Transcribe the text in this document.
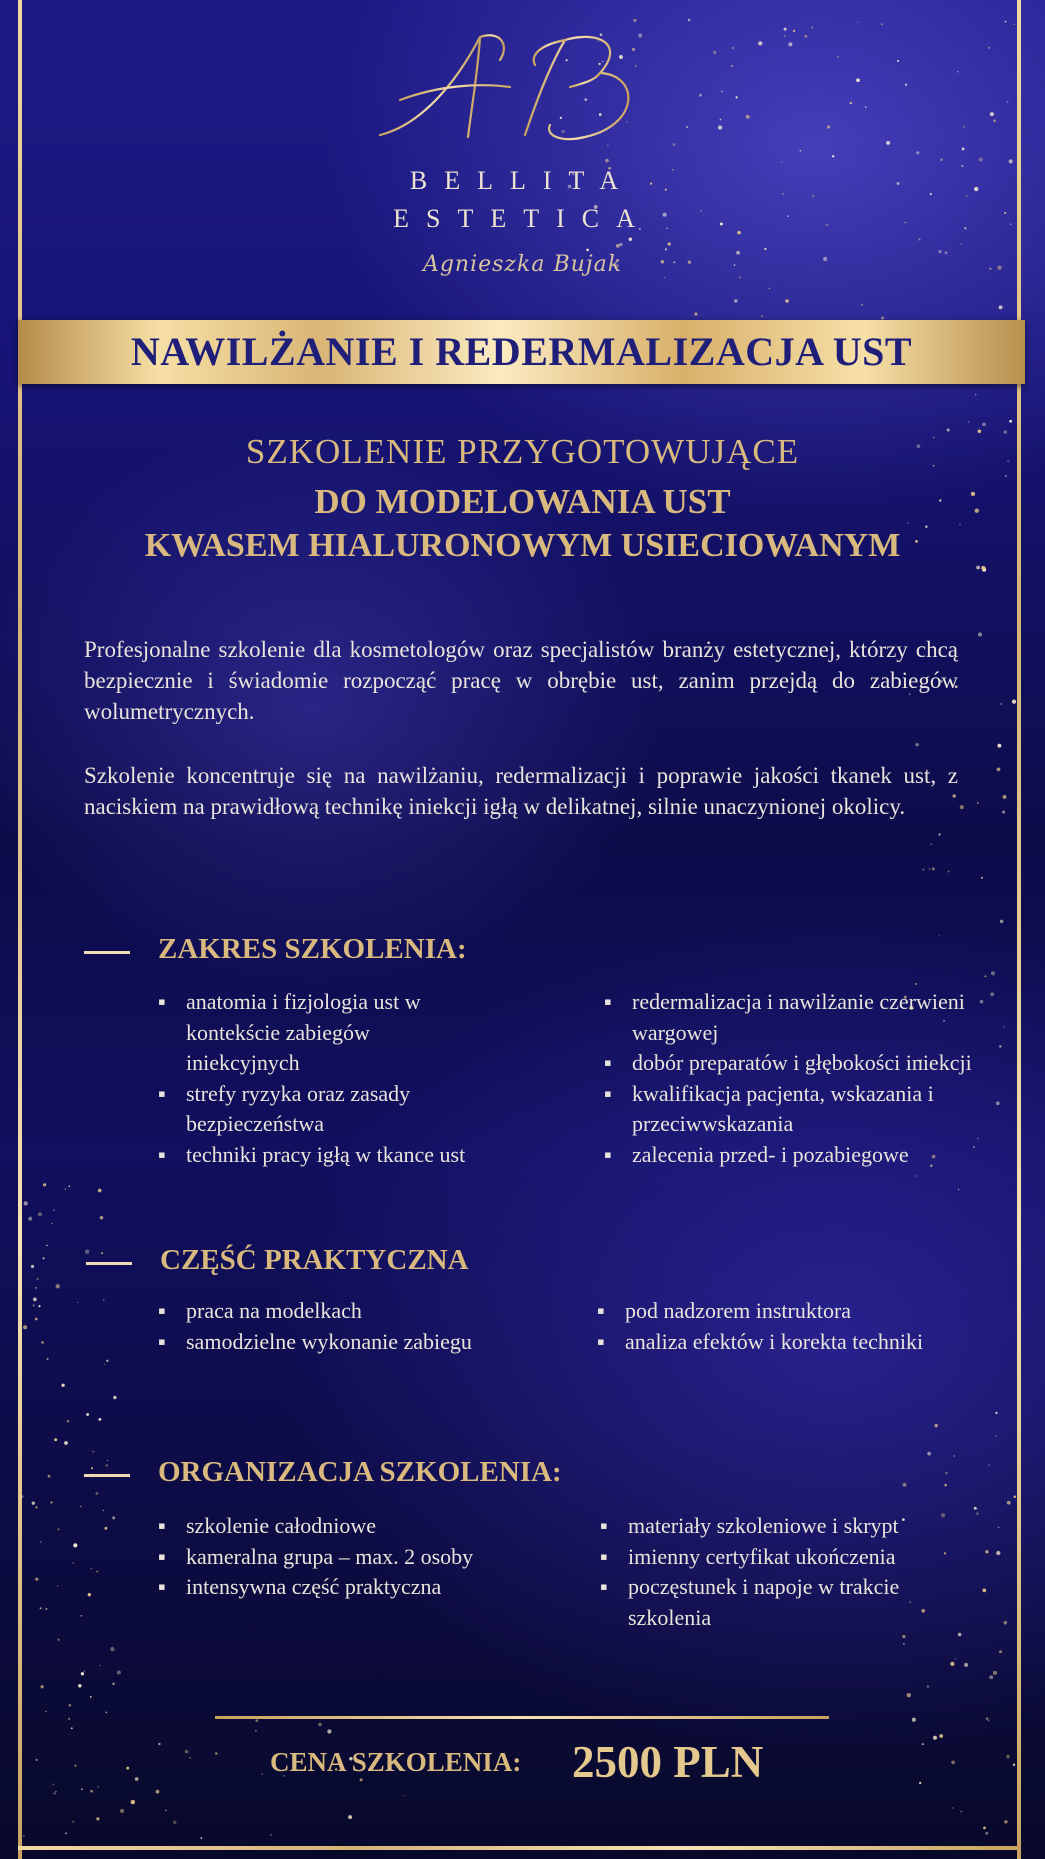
BELLITA
ESTETICA
Agnieszka Bujak
NAWILŻANIE I REDERMALIZACJA UST
SZKOLENIE PRZYGOTOWUJĄCE
DO MODELOWANIA UST
KWASEM HIALURONOWYM USIECIOWANYM
Profesjonalne szkolenie dla kosmetologów oraz specjalistów branży estetycznej, którzy chcą bezpiecznie i świadomie rozpocząć pracę w obrębie ust, zanim przejdą do zabiegów wolumetrycznych.
Szkolenie koncentruje się na nawilżaniu, redermalizacji i poprawie jakości tkanek ust, z naciskiem na prawidłową technikę iniekcji igłą w delikatnej, silnie unaczynionej okolicy.
ZAKRES SZKOLENIA:
▪ anatomia i fizjologia ust w kontekście zabiegów iniekcyjnych
▪ strefy ryzyka oraz zasady bezpieczeństwa
▪ techniki pracy igłą w tkance ust
▪ redermalizacja i nawilżanie czerwieni wargowej
▪ dobór preparatów i głębokości iniekcji
▪ kwalifikacja pacjenta, wskazania i przeciwwskazania
▪ zalecenia przed- i pozabiegowe
CZĘŚĆ PRAKTYCZNA
▪ praca na modelkach
▪ samodzielne wykonanie zabiegu
▪ pod nadzorem instruktora
▪ analiza efektów i korekta techniki
ORGANIZACJA SZKOLENIA:
▪ szkolenie całodniowe
▪ kameralna grupa – max. 2 osoby
▪ intensywna część praktyczna
▪ materiały szkoleniowe i skrypt
▪ imienny certyfikat ukończenia
▪ poczęstunek i napoje w trakcie szkolenia
CENA SZKOLENIA: 2500 PLN
